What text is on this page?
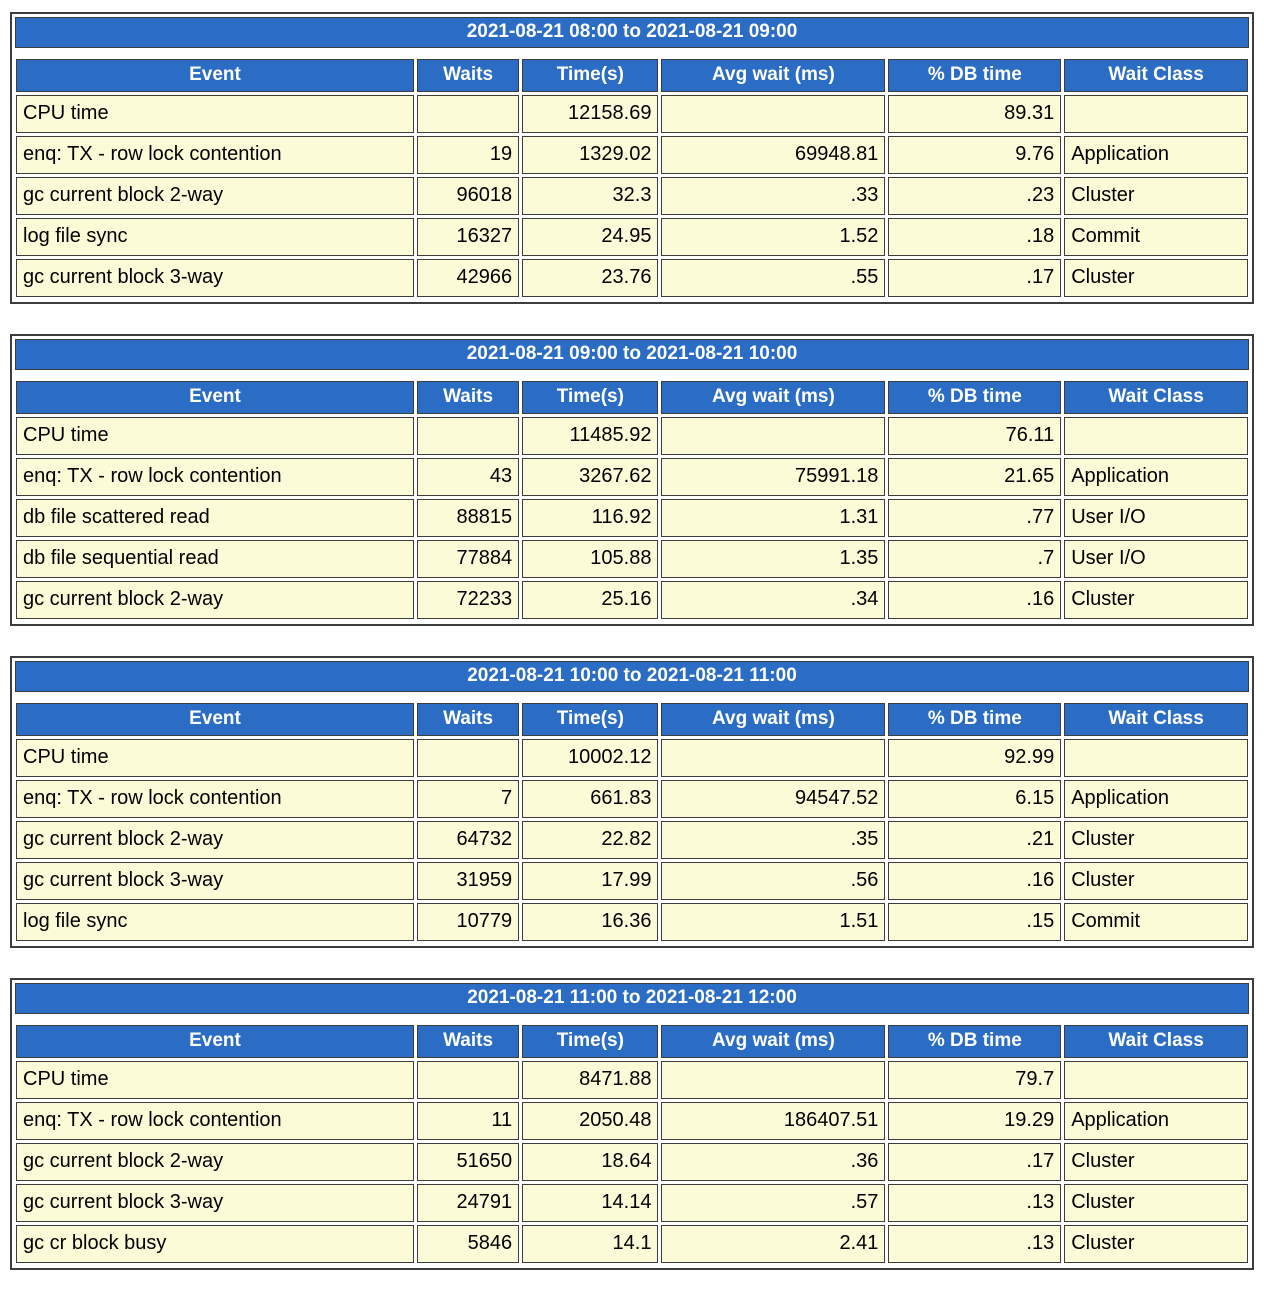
2021-08-21 08:00 to 2021-08-21 09:00
Event	Waits	Time(s)	Avg wait (ms)	% DB time	Wait Class
CPU time		12158.69		89.31	
enq: TX - row lock contention	19	1329.02	69948.81	9.76	Application
gc current block 2-way	96018	32.3	.33	.23	Cluster
log file sync	16327	24.95	1.52	.18	Commit
gc current block 3-way	42966	23.76	.55	.17	Cluster
2021-08-21 09:00 to 2021-08-21 10:00
Event	Waits	Time(s)	Avg wait (ms)	% DB time	Wait Class
CPU time		11485.92		76.11	
enq: TX - row lock contention	43	3267.62	75991.18	21.65	Application
db file scattered read	88815	116.92	1.31	.77	User I/O
db file sequential read	77884	105.88	1.35	.7	User I/O
gc current block 2-way	72233	25.16	.34	.16	Cluster
2021-08-21 10:00 to 2021-08-21 11:00
Event	Waits	Time(s)	Avg wait (ms)	% DB time	Wait Class
CPU time		10002.12		92.99	
enq: TX - row lock contention	7	661.83	94547.52	6.15	Application
gc current block 2-way	64732	22.82	.35	.21	Cluster
gc current block 3-way	31959	17.99	.56	.16	Cluster
log file sync	10779	16.36	1.51	.15	Commit
2021-08-21 11:00 to 2021-08-21 12:00
Event	Waits	Time(s)	Avg wait (ms)	% DB time	Wait Class
CPU time		8471.88		79.7	
enq: TX - row lock contention	11	2050.48	186407.51	19.29	Application
gc current block 2-way	51650	18.64	.36	.17	Cluster
gc current block 3-way	24791	14.14	.57	.13	Cluster
gc cr block busy	5846	14.1	2.41	.13	Cluster
